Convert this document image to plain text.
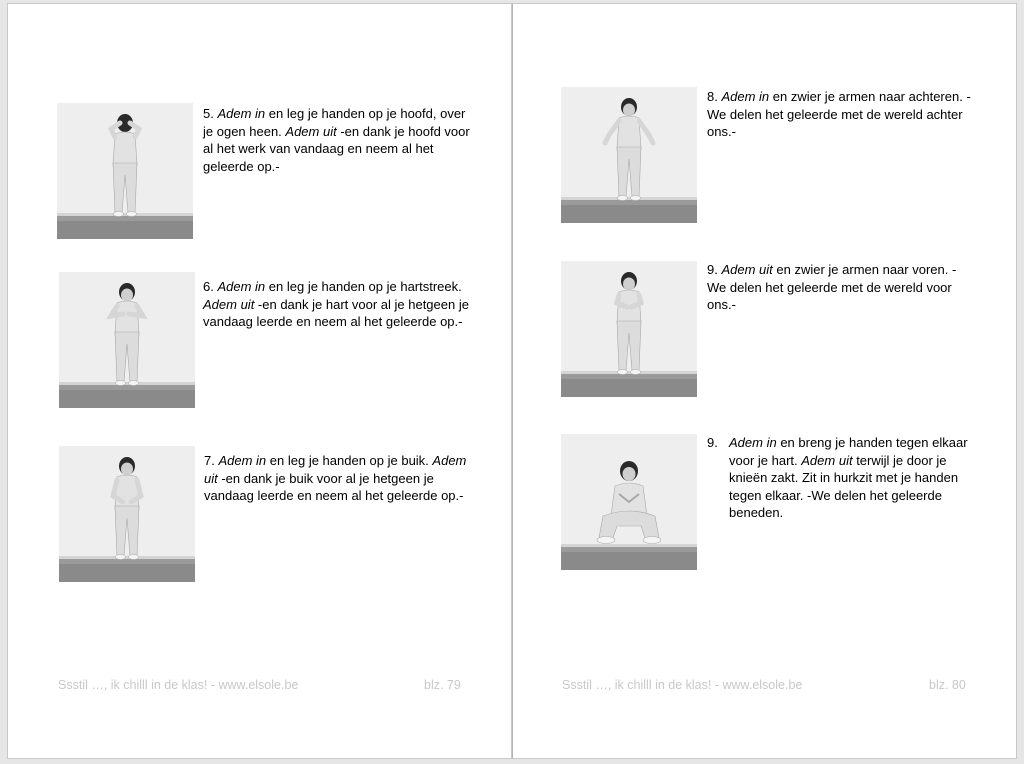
5. Adem in en leg je handen op je hoofd, over je ogen heen. Adem uit -en dank je hoofd voor al het werk van vandaag en neem al het geleerde op.-
6. Adem in en leg je handen op je hartstreek. Adem uit -en dank je hart voor al je hetgeen je vandaag leerde en neem al het geleerde op.-
7. Adem in en leg je handen op je buik. Adem uit -en dank je buik voor al je hetgeen je vandaag leerde en neem al het geleerde op.-
Ssstil …, ik chilll in de klas! - www.elsole.be	blz. 79
8. Adem in en zwier je armen naar achteren. -We delen het geleerde met de wereld achter ons.-
9. Adem uit en zwier je armen naar voren. -We delen het geleerde met de wereld voor ons.-
9. Adem in en breng je handen tegen elkaar voor je hart. Adem uit terwijl je door je knieën zakt. Zit in hurkzit met je handen tegen elkaar. -We delen het geleerde beneden.
Ssstil …, ik chilll in de klas! - www.elsole.be	blz. 80
